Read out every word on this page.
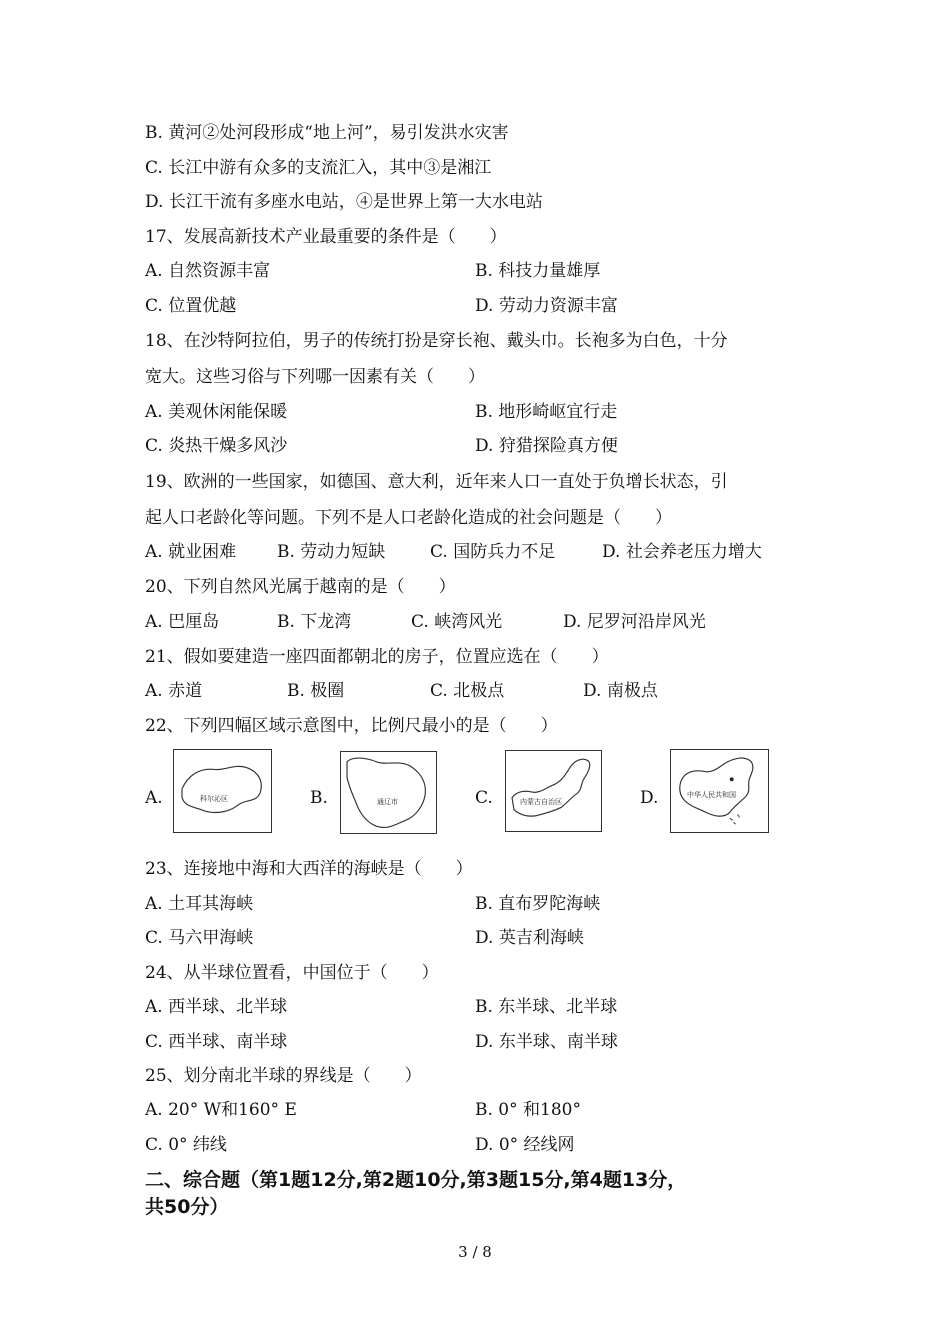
B. 黄河②处河段形成“地上河”，易引发洪水灾害
C. 长江中游有众多的支流汇入，其中③是湘江
D. 长江干流有多座水电站，④是世界上第一大水电站
17、发展高新技术产业最重要的条件是（　　）
A. 自然资源丰富	B. 科技力量雄厚
C. 位置优越	D. 劳动力资源丰富
18、在沙特阿拉伯，男子的传统打扮是穿长袍、戴头巾。长袍多为白色，十分
宽大。这些习俗与下列哪一因素有关（　　）
A. 美观休闲能保暖	B. 地形崎岖宜行走
C. 炎热干燥多风沙	D. 狩猎探险真方便
19、欧洲的一些国家，如德国、意大利，近年来人口一直处于负增长状态，引
起人口老龄化等问题。下列不是人口老龄化造成的社会问题是（　　）
A. 就业困难 B. 劳动力短缺	C. 国防兵力不足	D. 社会养老压力增大
20、下列自然风光属于越南的是（　　）
A. 巴厘岛	B. 下龙湾	C. 峡湾风光	D. 尼罗河沿岸风光
21、假如要建造一座四面都朝北的房子，位置应选在（　　）
A. 赤道	B. 极圈	C. 北极点	D. 南极点
22、下列四幅区域示意图中，比例尺最小的是（　　）
A.	科尔沁区	B.	通辽市	C.	内蒙古自治区	D.	中华人民共和国
23、连接地中海和大西洋的海峡是（　　）
A. 土耳其海峡	B. 直布罗陀海峡
C. 马六甲海峡	D. 英吉利海峡
24、从半球位置看，中国位于（　　）
A. 西半球、北半球	B. 东半球、北半球
C. 西半球、南半球	D. 东半球、南半球
25、划分南北半球的界线是（　　）
A. 20° W和160° E	B. 0° 和180°
C. 0° 纬线	D. 0° 经线网
二、综合题（第1题12分,第2题10分,第3题15分,第4题13分，
共50分）
3 / 8
